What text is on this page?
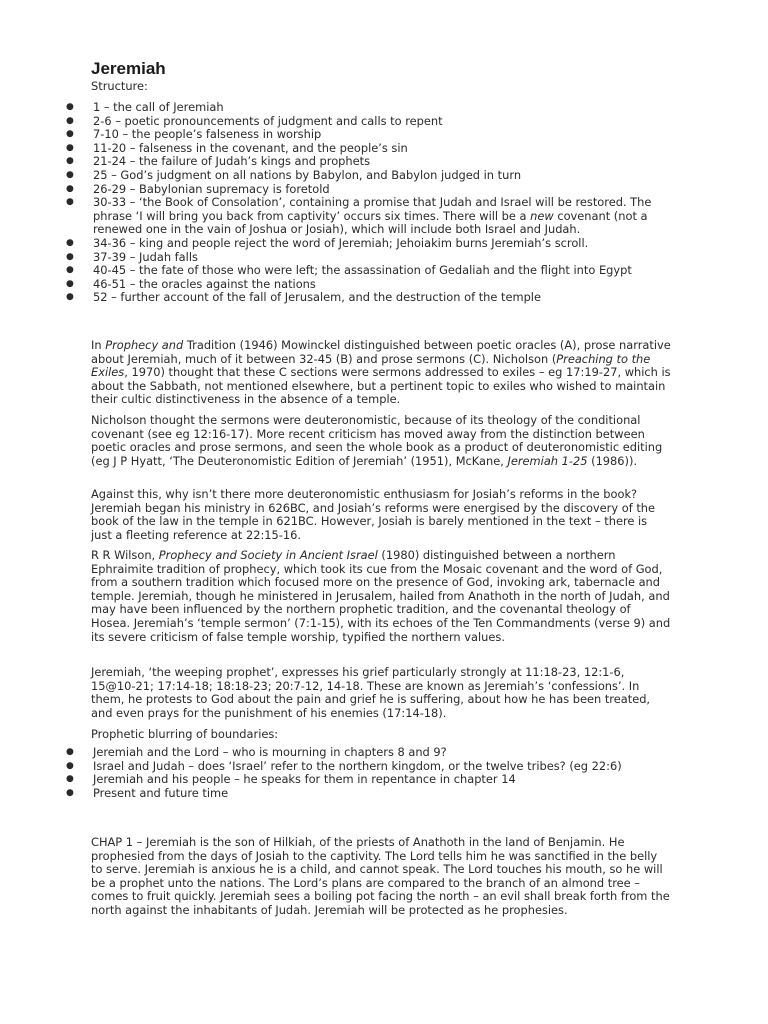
Jeremiah

Structure:

● 1 – the call of Jeremiah
● 2-6 – poetic pronouncements of judgment and calls to repent
● 7-10 – the people’s falseness in worship
● 11-20 – falseness in the covenant, and the people’s sin
● 21-24 – the failure of Judah’s kings and prophets
● 25 – God’s judgment on all nations by Babylon, and Babylon judged in turn
● 26-29 – Babylonian supremacy is foretold
● 30-33 – ‘the Book of Consolation’, containing a promise that Judah and Israel will be restored. The phrase ‘I will bring you back from captivity’ occurs six times. There will be a new covenant (not a renewed one in the vain of Joshua or Josiah), which will include both Israel and Judah.
● 34-36 – king and people reject the word of Jeremiah; Jehoiakim burns Jeremiah’s scroll.
● 37-39 – Judah falls
● 40-45 – the fate of those who were left; the assassination of Gedaliah and the flight into Egypt
● 46-51 – the oracles against the nations
● 52 – further account of the fall of Jerusalem, and the destruction of the temple

In Prophecy and Tradition (1946) Mowinckel distinguished between poetic oracles (A), prose narrative about Jeremiah, much of it between 32-45 (B) and prose sermons (C). Nicholson (Preaching to the Exiles, 1970) thought that these C sections were sermons addressed to exiles – eg 17:19-27, which is about the Sabbath, not mentioned elsewhere, but a pertinent topic to exiles who wished to maintain their cultic distinctiveness in the absence of a temple.

Nicholson thought the sermons were deuteronomistic, because of its theology of the conditional covenant (see eg 12:16-17). More recent criticism has moved away from the distinction between poetic oracles and prose sermons, and seen the whole book as a product of deuteronomistic editing (eg J P Hyatt, ‘The Deuteronomistic Edition of Jeremiah’ (1951), McKane, Jeremiah 1-25 (1986)).

Against this, why isn’t there more deuteronomistic enthusiasm for Josiah’s reforms in the book? Jeremiah began his ministry in 626BC, and Josiah’s reforms were energised by the discovery of the book of the law in the temple in 621BC. However, Josiah is barely mentioned in the text – there is just a fleeting reference at 22:15-16.

R R Wilson, Prophecy and Society in Ancient Israel (1980) distinguished between a northern Ephraimite tradition of prophecy, which took its cue from the Mosaic covenant and the word of God, from a southern tradition which focused more on the presence of God, invoking ark, tabernacle and temple. Jeremiah, though he ministered in Jerusalem, hailed from Anathoth in the north of Judah, and may have been influenced by the northern prophetic tradition, and the covenantal theology of Hosea. Jeremiah’s ‘temple sermon’ (7:1-15), with its echoes of the Ten Commandments (verse 9) and its severe criticism of false temple worship, typified the northern values.

Jeremiah, ‘the weeping prophet’, expresses his grief particularly strongly at 11:18-23, 12:1-6, 15@10-21; 17:14-18; 18:18-23; 20:7-12, 14-18. These are known as Jeremiah’s ‘confessions’. In them, he protests to God about the pain and grief he is suffering, about how he has been treated, and even prays for the punishment of his enemies (17:14-18).

Prophetic blurring of boundaries:

● Jeremiah and the Lord – who is mourning in chapters 8 and 9?
● Israel and Judah – does ‘Israel’ refer to the northern kingdom, or the twelve tribes? (eg 22:6)
● Jeremiah and his people – he speaks for them in repentance in chapter 14
● Present and future time

CHAP 1 – Jeremiah is the son of Hilkiah, of the priests of Anathoth in the land of Benjamin. He prophesied from the days of Josiah to the captivity. The Lord tells him he was sanctified in the belly to serve. Jeremiah is anxious he is a child, and cannot speak. The Lord touches his mouth, so he will be a prophet unto the nations. The Lord’s plans are compared to the branch of an almond tree – comes to fruit quickly. Jeremiah sees a boiling pot facing the north – an evil shall break forth from the north against the inhabitants of Judah. Jeremiah will be protected as he prophesies.
